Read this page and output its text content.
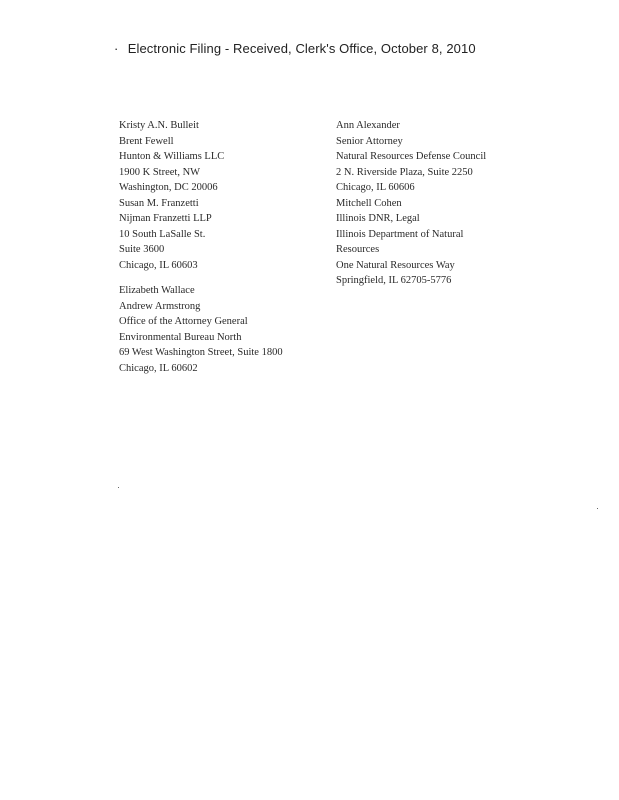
· Electronic Filing - Received, Clerk's Office, October 8, 2010
Kristy A.N. Bulleit
Brent Fewell
Hunton & Williams LLC
1900 K Street, NW
Washington, DC 20006
Susan M. Franzetti
Nijman Franzetti LLP
10 South LaSalle St.
Suite 3600
Chicago, IL 60603
Elizabeth Wallace
Andrew Armstrong
Office of the Attorney General
Environmental Bureau North
69 West Washington Street, Suite 1800
Chicago, IL 60602
Ann Alexander
Senior Attorney
Natural Resources Defense Council
2 N. Riverside Plaza, Suite 2250
Chicago, IL 60606
Mitchell Cohen
Illinois DNR, Legal
Illinois Department of Natural
Resources
One Natural Resources Way
Springfield, IL 62705-5776
